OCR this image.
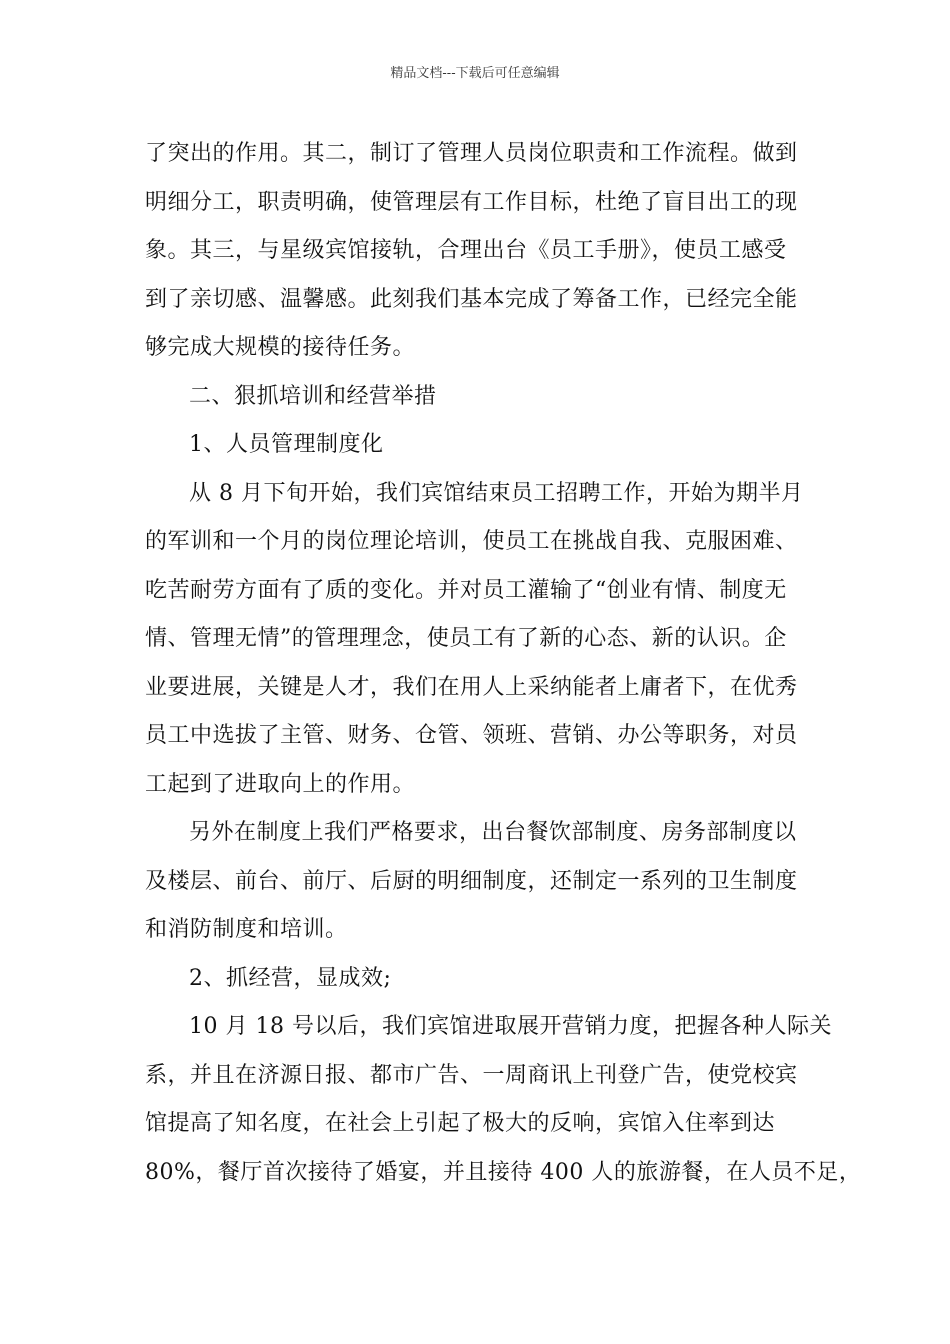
精品文档---下载后可任意编辑
了突出的作用。其二，制订了管理人员岗位职责和工作流程。做到
明细分工，职责明确，使管理层有工作目标，杜绝了盲目出工的现
象。其三，与星级宾馆接轨，合理出台《员工手册》，使员工感受
到了亲切感、温馨感。此刻我们基本完成了筹备工作，已经完全能
够完成大规模的接待任务。
二、狠抓培训和经营举措
1、人员管理制度化
从 8 月下旬开始，我们宾馆结束员工招聘工作，开始为期半月
的军训和一个月的岗位理论培训，使员工在挑战自我、克服困难、
吃苦耐劳方面有了质的变化。并对员工灌输了“创业有情、制度无
情、管理无情”的管理理念，使员工有了新的心态、新的认识。企
业要进展，关键是人才，我们在用人上采纳能者上庸者下，在优秀
员工中选拔了主管、财务、仓管、领班、营销、办公等职务，对员
工起到了进取向上的作用。
另外在制度上我们严格要求，出台餐饮部制度、房务部制度以
及楼层、前台、前厅、后厨的明细制度，还制定一系列的卫生制度
和消防制度和培训。
2、抓经营，显成效;
10 月 18 号以后，我们宾馆进取展开营销力度，把握各种人际关
系，并且在济源日报、都市广告、一周商讯上刊登广告，使党校宾
馆提高了知名度，在社会上引起了极大的反响，宾馆入住率到达
80%，餐厅首次接待了婚宴，并且接待 400 人的旅游餐，在人员不足，
